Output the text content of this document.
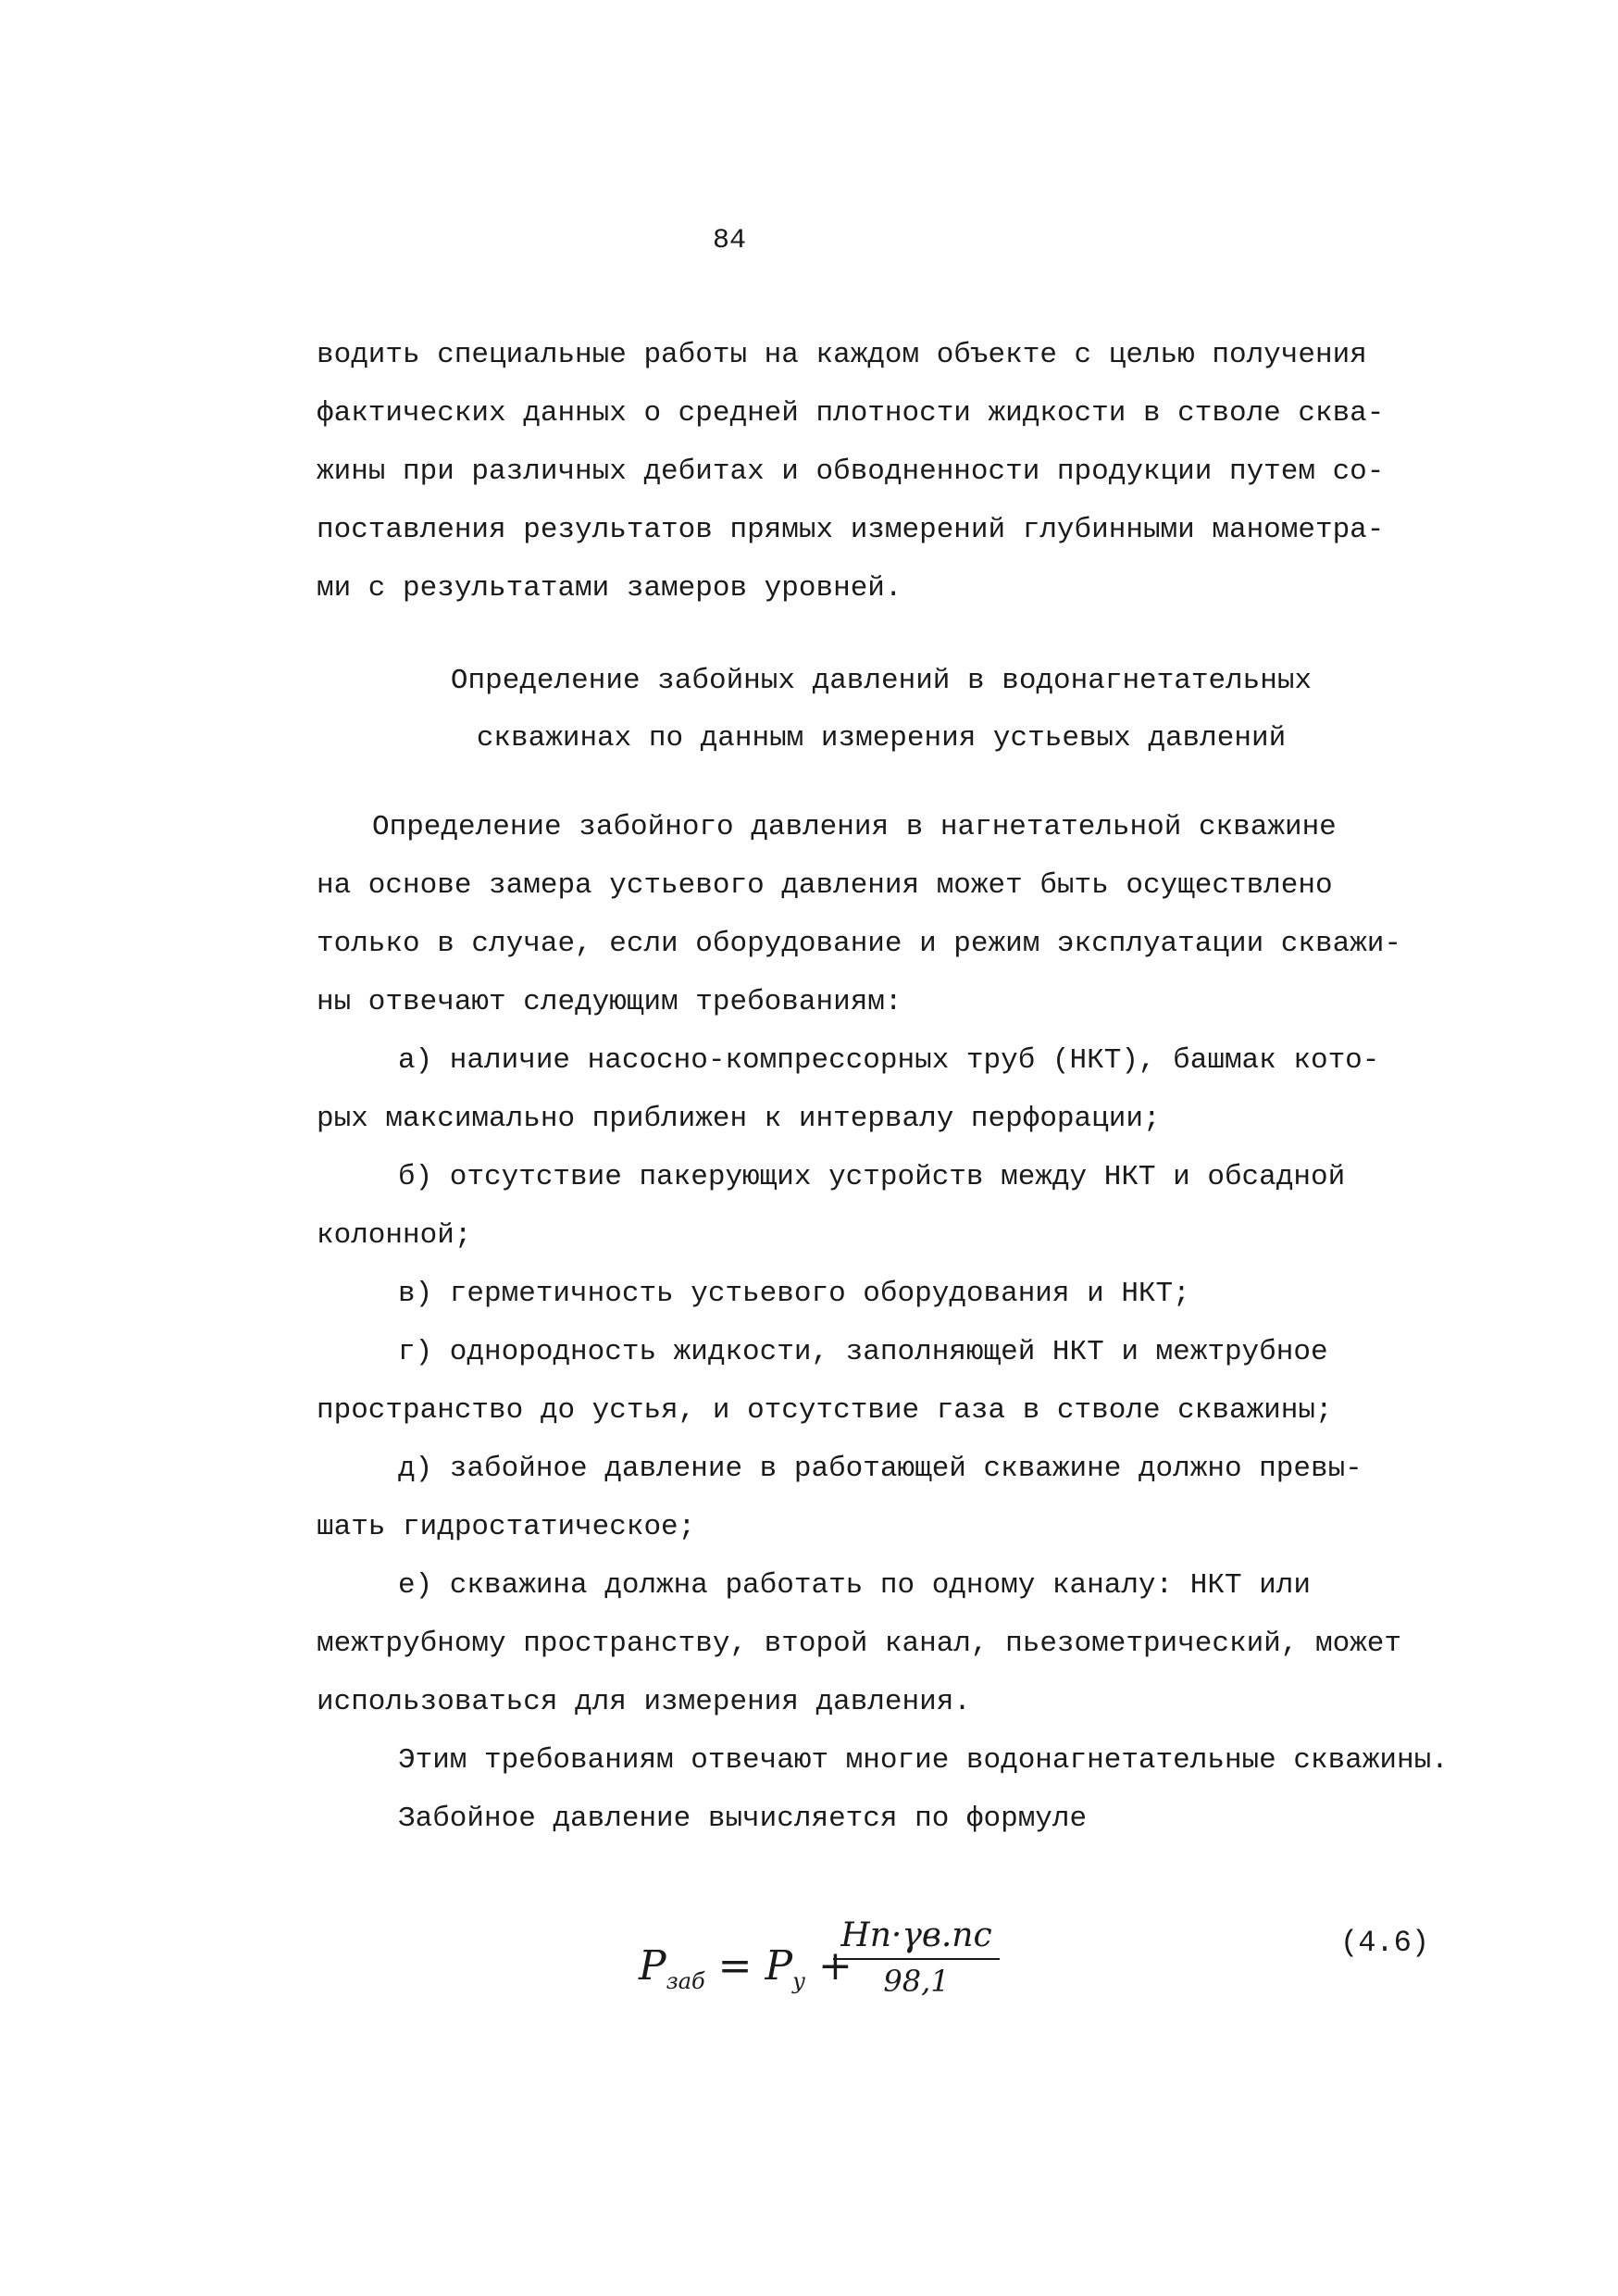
84
водить специальные работы на каждом объекте с целью получения
фактических данных о средней плотности жидкости в стволе сква-
жины при различных дебитах и обводненности продукции путем со-
поставления результатов прямых измерений глубинными манометра-
ми с результатами замеров уровней.
Определение забойных давлений в водонагнетательных
скважинах по данным измерения устьевых давлений
Определение забойного давления в нагнетательной скважине
на основе замера устьевого давления может быть осуществлено
только в случае, если оборудование и режим эксплуатации скважи-
ны отвечают следующим требованиям:
а) наличие насосно-компрессорных труб (НКТ), башмак кото-
рых максимально приближен к интервалу перфорации;
б) отсутствие пакерующих устройств между НКТ и обсадной
колонной;
в) герметичность устьевого оборудования и НКТ;
г) однородность жидкости, заполняющей НКТ и межтрубное
пространство до устья, и отсутствие газа в стволе скважины;
д) забойное давление в работающей скважине должно превы-
шать гидростатическое;
е) скважина должна работать по одному каналу: НКТ или
межтрубному пространству, второй канал, пьезометрический, может
использоваться для измерения давления.
Этим требованиям отвечают многие водонагнетательные скважины.
Забойное давление вычисляется по формуле
$P_{заб} = P_у$ +
Hп·γв.пс
98,1
(4.6)
